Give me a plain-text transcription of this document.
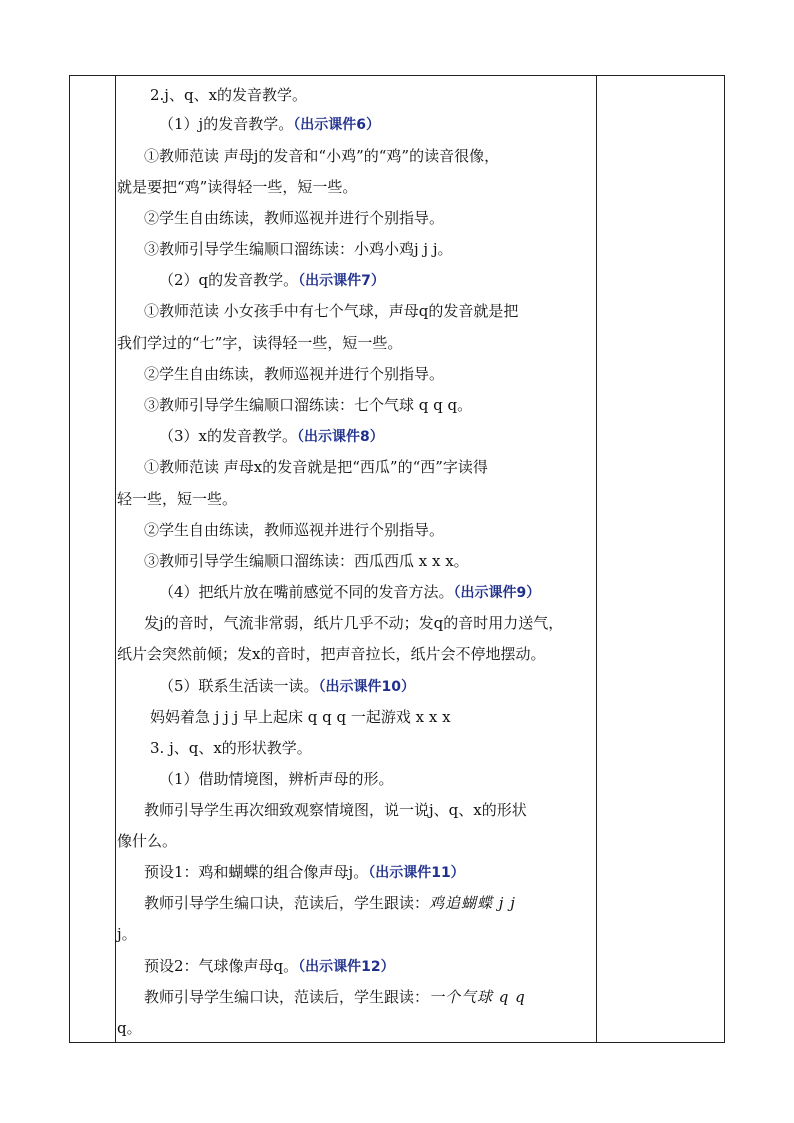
2.j、q、x的发音教学。
（1）j的发音教学。（出示课件6）
①教师范读 声母j的发音和“小鸡”的“鸡”的读音很像，
就是要把“鸡”读得轻一些，短一些。
②学生自由练读，教师巡视并进行个别指导。
③教师引导学生编顺口溜练读：小鸡小鸡j j j。
（2）q的发音教学。（出示课件7）
①教师范读 小女孩手中有七个气球，声母q的发音就是把
我们学过的“七”字，读得轻一些，短一些。
②学生自由练读，教师巡视并进行个别指导。
③教师引导学生编顺口溜练读：七个气球 q q q。
（3）x的发音教学。（出示课件8）
①教师范读 声母x的发音就是把“西瓜”的“西”字读得
轻一些，短一些。
②学生自由练读，教师巡视并进行个别指导。
③教师引导学生编顺口溜练读：西瓜西瓜 x x x。
（4）把纸片放在嘴前感觉不同的发音方法。（出示课件9）
发j的音时，气流非常弱，纸片几乎不动；发q的音时用力送气，
纸片会突然前倾；发x的音时，把声音拉长，纸片会不停地摆动。
（5）联系生活读一读。（出示课件10）
妈妈着急 j j j 早上起床 q q q 一起游戏 x x x
3. j、q、x的形状教学。
（1）借助情境图，辨析声母的形。
教师引导学生再次细致观察情境图，说一说j、q、x的形状
像什么。
预设1：鸡和蝴蝶的组合像声母j。（出示课件11）
教师引导学生编口诀，范读后，学生跟读：鸡追蝴蝶 j j
j。
预设2：气球像声母q。（出示课件12）
教师引导学生编口诀，范读后，学生跟读：一个气球 q q
q。
